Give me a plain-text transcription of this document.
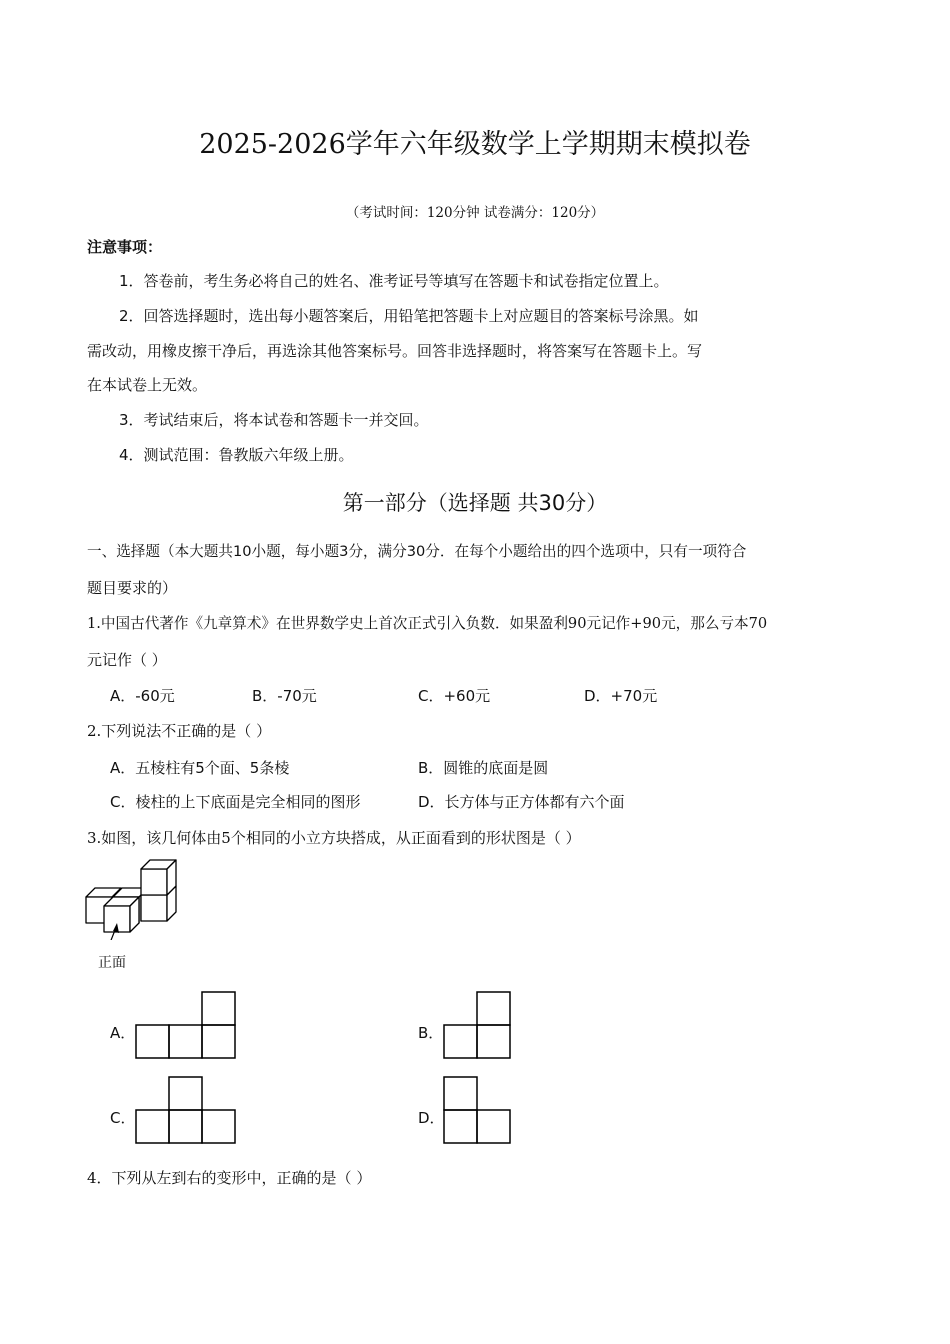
2025-2026学年六年级数学上学期期末模拟卷
（考试时间：120分钟 试卷满分：120分）
注意事项：
1．答卷前，考生务必将自己的姓名、准考证号等填写在答题卡和试卷指定位置上。
2．回答选择题时，选出每小题答案后，用铅笔把答题卡上对应题目的答案标号涂黑。如
需改动，用橡皮擦干净后，再选涂其他答案标号。回答非选择题时，将答案写在答题卡上。写
在本试卷上无效。
3．考试结束后，将本试卷和答题卡一并交回。
4．测试范围：鲁教版六年级上册。
第一部分（选择题 共30分）
一、选择题（本大题共10小题，每小题3分，满分30分．在每个小题给出的四个选项中，只有一项符合
题目要求的）
1.中国古代著作《九章算术》在世界数学史上首次正式引入负数．如果盈利90元记作+90元，那么亏本70
元记作（ ）
A．-60元	B．-70元	C．+60元	D．+70元
2.下列说法不正确的是（ ）
A．五棱柱有5个面、5条棱	B．圆锥的底面是圆
C．棱柱的上下底面是完全相同的图形	D．长方体与正方体都有六个面
3.如图，该几何体由5个相同的小立方块搭成，从正面看到的形状图是（ ）
正面
A．	B．
C．	D．
4．下列从左到右的变形中，正确的是（ ）
